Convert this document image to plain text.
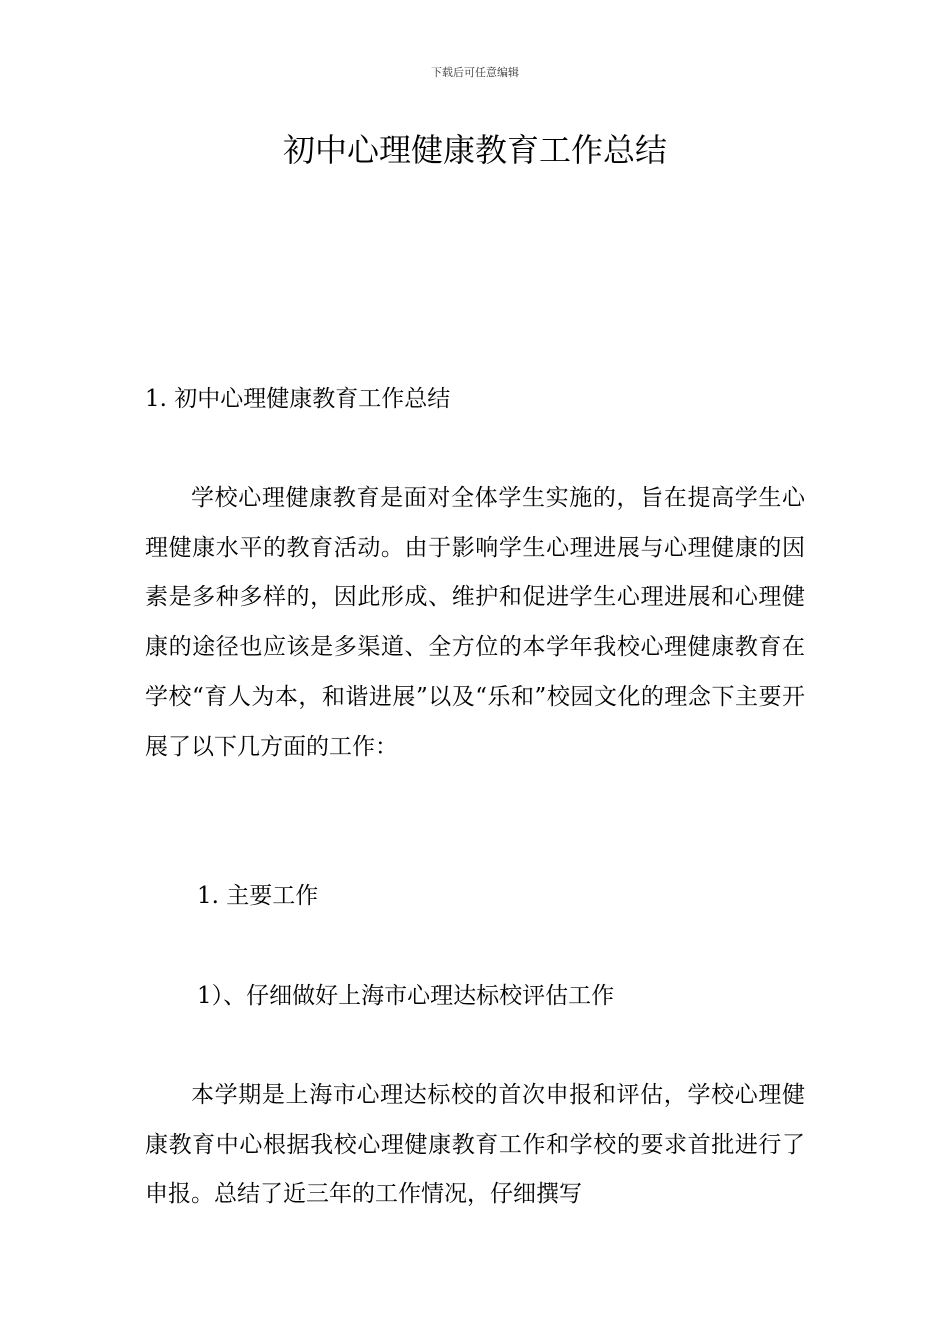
下载后可任意编辑
初中心理健康教育工作总结

1. 初中心理健康教育工作总结

学校心理健康教育是面对全体学生实施的，旨在提高学生心理健康水平的教育活动。由于影响学生心理进展与心理健康的因素是多种多样的，因此形成、维护和促进学生心理进展和心理健康的途径也应该是多渠道、全方位的本学年我校心理健康教育在学校“育人为本，和谐进展”以及“乐和”校园文化的理念下主要开展了以下几方面的工作：

1. 主要工作

1）、仔细做好上海市心理达标校评估工作

本学期是上海市心理达标校的首次申报和评估，学校心理健康教育中心根据我校心理健康教育工作和学校的要求首批进行了申报。总结了近三年的工作情况，仔细撰写
